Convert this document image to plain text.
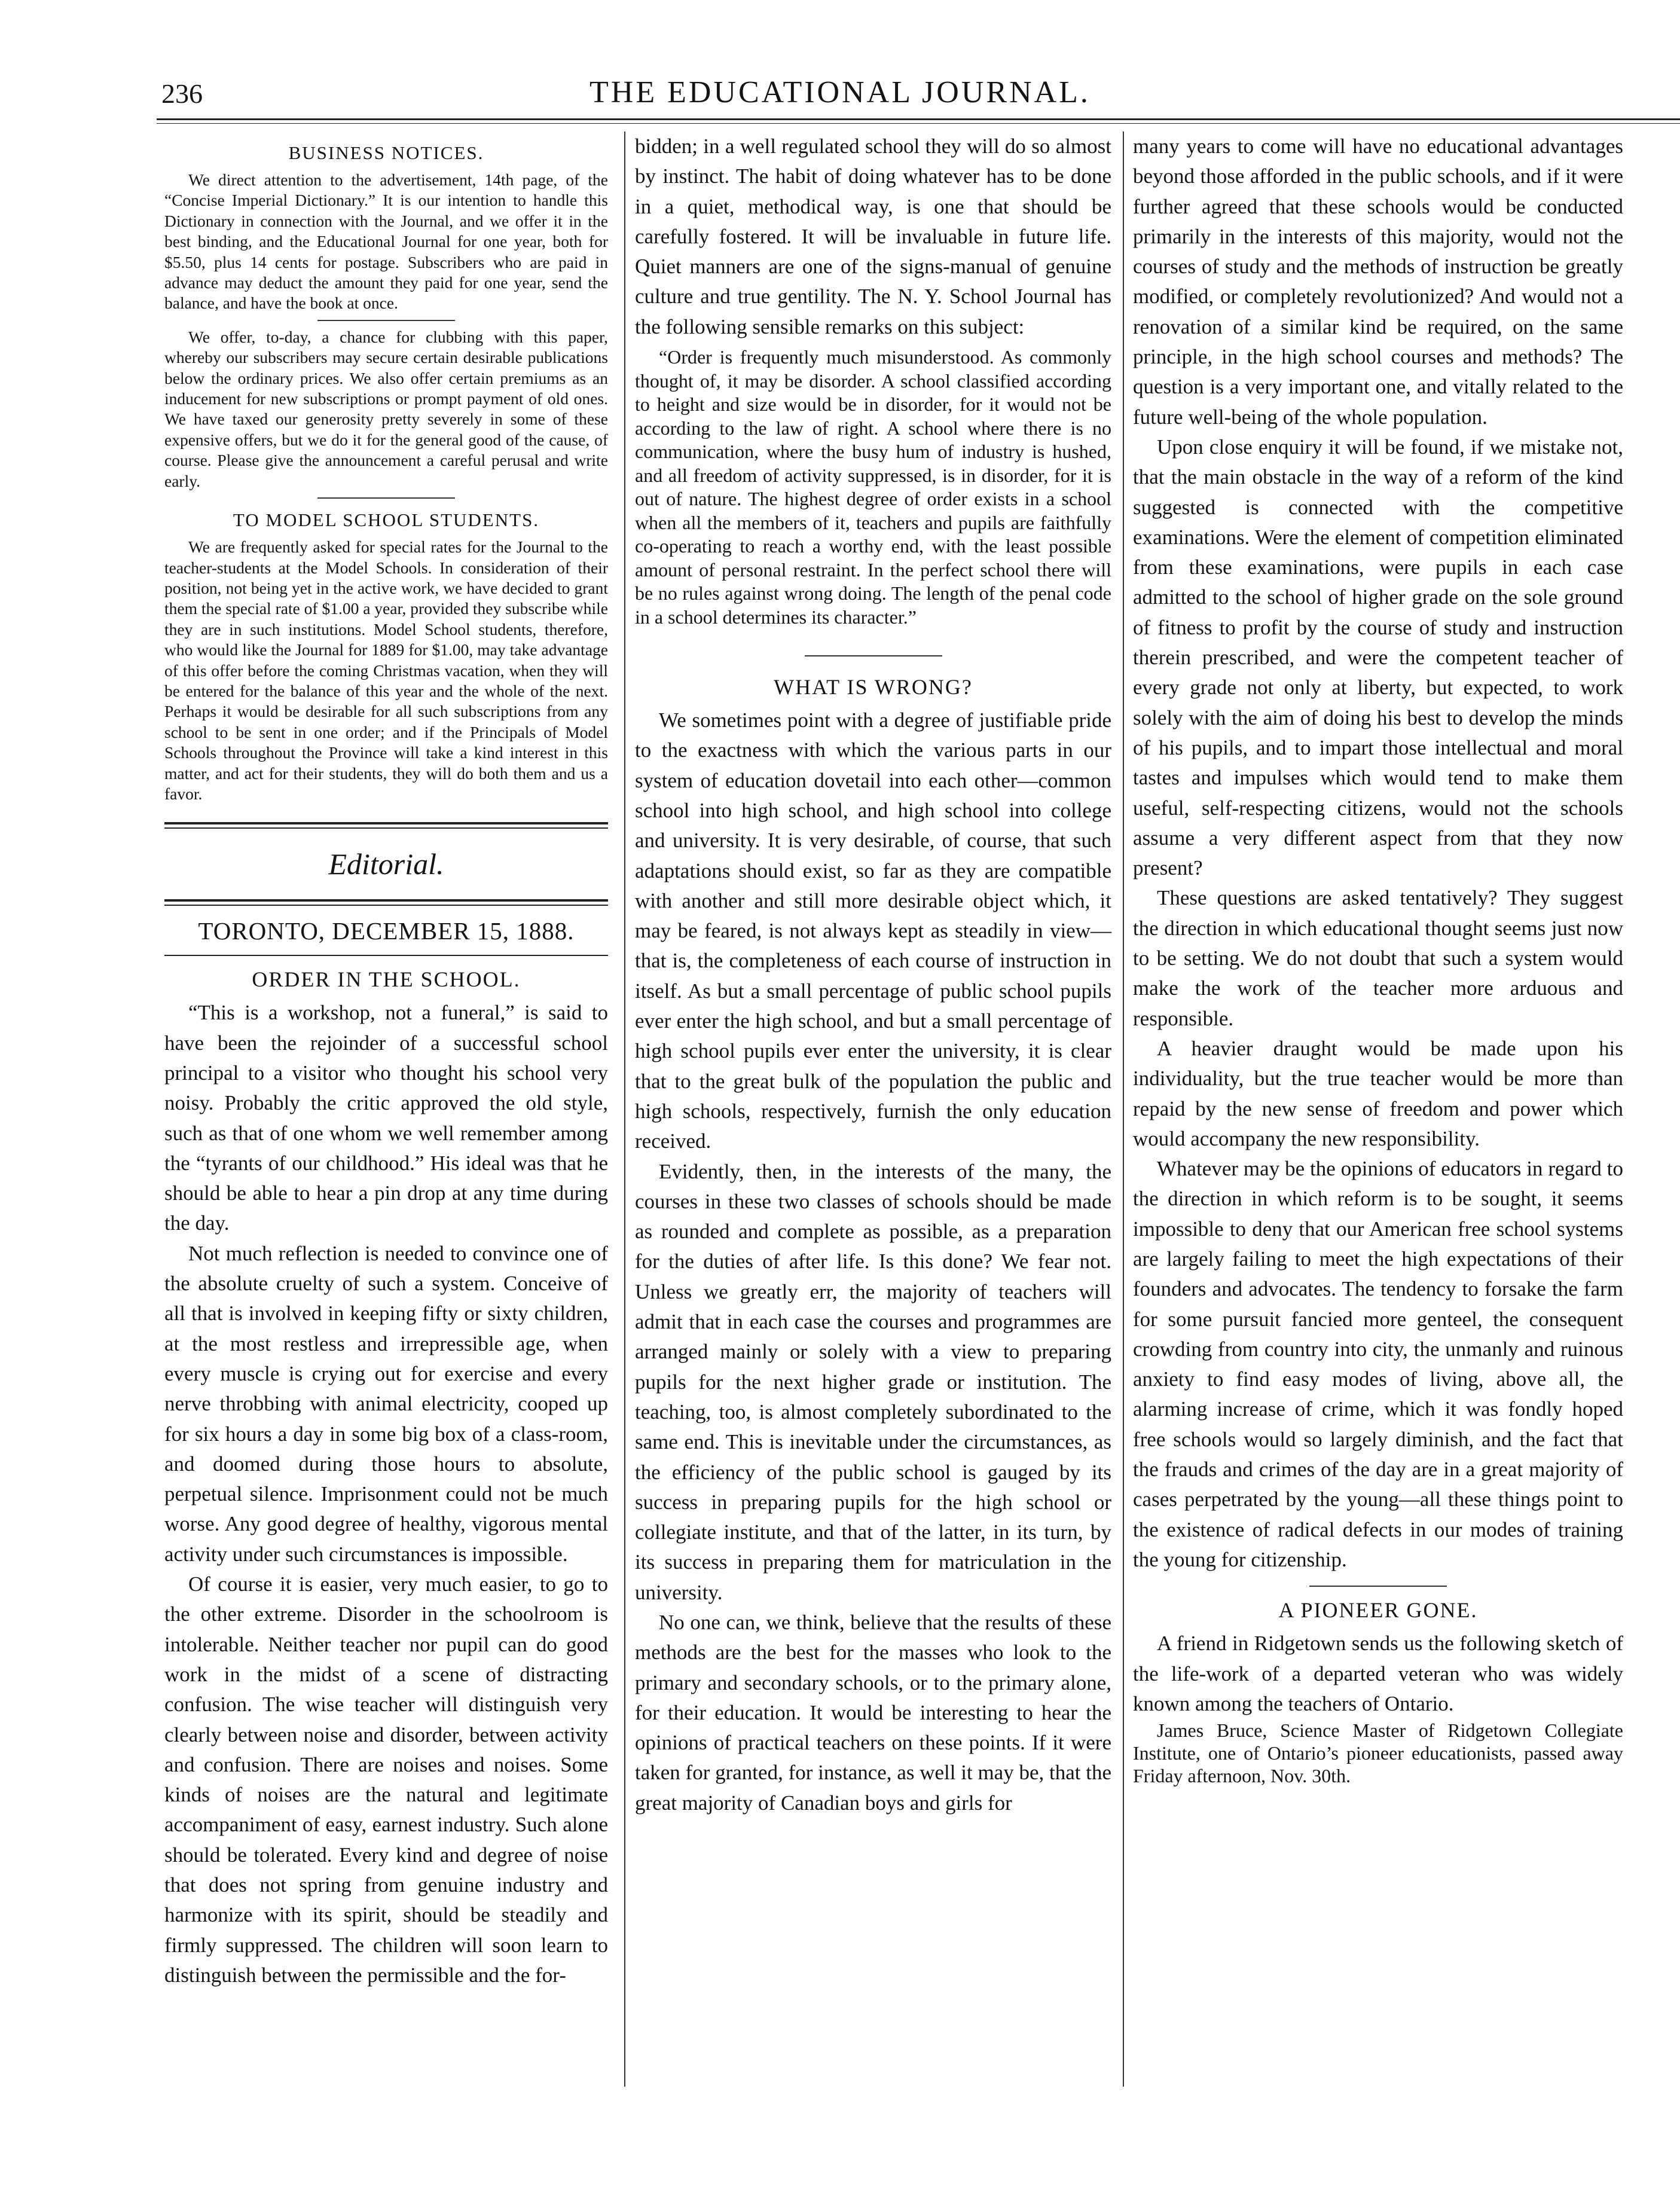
236	THE EDUCATIONAL JOURNAL.
BUSINESS NOTICES.

We direct attention to the advertisement, 14th page, of the “Concise Imperial Dictionary.” It is our intention to handle this Dictionary in connection with the Journal, and we offer it in the best binding, and the Educational Journal for one year, both for $5.50, plus 14 cents for postage. Subscribers who are paid in advance may deduct the amount they paid for one year, send the balance, and have the book at once.

We offer, to-day, a chance for clubbing with this paper, whereby our subscribers may secure certain desirable publications below the ordinary prices. We also offer certain premiums as an inducement for new subscriptions or prompt payment of old ones. We have taxed our generosity pretty severely in some of these expensive offers, but we do it for the general good of the cause, of course. Please give the announcement a careful perusal and write early.

TO MODEL SCHOOL STUDENTS.

We are frequently asked for special rates for the Journal to the teacher-students at the Model Schools. In consideration of their position, not being yet in the active work, we have decided to grant them the special rate of $1.00 a year, provided they subscribe while they are in such institutions. Model School students, therefore, who would like the Journal for 1889 for $1.00, may take advantage of this offer before the coming Christmas vacation, when they will be entered for the balance of this year and the whole of the next. Perhaps it would be desirable for all such subscriptions from any school to be sent in one order; and if the Principals of Model Schools throughout the Province will take a kind interest in this matter, and act for their students, they will do both them and us a favor.

Editorial.
TORONTO, DECEMBER 15, 1888.
ORDER IN THE SCHOOL.

“This is a workshop, not a funeral,” is said to have been the rejoinder of a successful school principal to a visitor who thought his school very noisy. Probably the critic approved the old style, such as that of one whom we well remember among the “tyrants of our childhood.” His ideal was that he should be able to hear a pin drop at any time during the day.

Not much reflection is needed to convince one of the absolute cruelty of such a system. Conceive of all that is involved in keeping fifty or sixty children, at the most restless and irrepressible age, when every muscle is crying out for exercise and every nerve throbbing with animal electricity, cooped up for six hours a day in some big box of a class-room, and doomed during those hours to absolute, perpetual silence. Imprisonment could not be much worse. Any good degree of healthy, vigorous mental activity under such circumstances is impossible.

Of course it is easier, very much easier, to go to the other extreme. Disorder in the schoolroom is intolerable. Neither teacher nor pupil can do good work in the midst of a scene of distracting confusion. The wise teacher will distinguish very clearly between noise and disorder, between activity and confusion. There are noises and noises. Some kinds of noises are the natural and legitimate accompaniment of easy, earnest industry. Such alone should be tolerated. Every kind and degree of noise that does not spring from genuine industry and harmonize with its spirit, should be steadily and firmly suppressed. The children will soon learn to distinguish between the permissible and the for-

bidden; in a well regulated school they will do so almost by instinct. The habit of doing whatever has to be done in a quiet, methodical way, is one that should be carefully fostered. It will be invaluable in future life. Quiet manners are one of the signs-manual of genuine culture and true gentility. The N. Y. School Journal has the following sensible remarks on this subject:

“Order is frequently much misunderstood. As commonly thought of, it may be disorder. A school classified according to height and size would be in disorder, for it would not be according to the law of right. A school where there is no communication, where the busy hum of industry is hushed, and all freedom of activity suppressed, is in disorder, for it is out of nature. The highest degree of order exists in a school when all the members of it, teachers and pupils are faithfully co-operating to reach a worthy end, with the least possible amount of personal restraint. In the perfect school there will be no rules against wrong doing. The length of the penal code in a school determines its character.”

WHAT IS WRONG?

We sometimes point with a degree of justifiable pride to the exactness with which the various parts in our system of education dovetail into each other—common school into high school, and high school into college and university. It is very desirable, of course, that such adaptations should exist, so far as they are compatible with another and still more desirable object which, it may be feared, is not always kept as steadily in view—that is, the completeness of each course of instruction in itself. As but a small percentage of public school pupils ever enter the high school, and but a small percentage of high school pupils ever enter the university, it is clear that to the great bulk of the population the public and high schools, respectively, furnish the only education received.

Evidently, then, in the interests of the many, the courses in these two classes of schools should be made as rounded and complete as possible, as a preparation for the duties of after life. Is this done? We fear not. Unless we greatly err, the majority of teachers will admit that in each case the courses and programmes are arranged mainly or solely with a view to preparing pupils for the next higher grade or institution. The teaching, too, is almost completely subordinated to the same end. This is inevitable under the circumstances, as the efficiency of the public school is gauged by its success in preparing pupils for the high school or collegiate institute, and that of the latter, in its turn, by its success in preparing them for matriculation in the university.

No one can, we think, believe that the results of these methods are the best for the masses who look to the primary and secondary schools, or to the primary alone, for their education. It would be interesting to hear the opinions of practical teachers on these points. If it were taken for granted, for instance, as well it may be, that the great majority of Canadian boys and girls for

many years to come will have no educational advantages beyond those afforded in the public schools, and if it were further agreed that these schools would be conducted primarily in the interests of this majority, would not the courses of study and the methods of instruction be greatly modified, or completely revolutionized? And would not a renovation of a similar kind be required, on the same principle, in the high school courses and methods? The question is a very important one, and vitally related to the future well-being of the whole population.

Upon close enquiry it will be found, if we mistake not, that the main obstacle in the way of a reform of the kind suggested is connected with the competitive examinations. Were the element of competition eliminated from these examinations, were pupils in each case admitted to the school of higher grade on the sole ground of fitness to profit by the course of study and instruction therein prescribed, and were the competent teacher of every grade not only at liberty, but expected, to work solely with the aim of doing his best to develop the minds of his pupils, and to impart those intellectual and moral tastes and impulses which would tend to make them useful, self-respecting citizens, would not the schools assume a very different aspect from that they now present?

These questions are asked tentatively? They suggest the direction in which educational thought seems just now to be setting. We do not doubt that such a system would make the work of the teacher more arduous and responsible.

A heavier draught would be made upon his individuality, but the true teacher would be more than repaid by the new sense of freedom and power which would accompany the new responsibility.

Whatever may be the opinions of educators in regard to the direction in which reform is to be sought, it seems impossible to deny that our American free school systems are largely failing to meet the high expectations of their founders and advocates. The tendency to forsake the farm for some pursuit fancied more genteel, the consequent crowding from country into city, the unmanly and ruinous anxiety to find easy modes of living, above all, the alarming increase of crime, which it was fondly hoped free schools would so largely diminish, and the fact that the frauds and crimes of the day are in a great majority of cases perpetrated by the young—all these things point to the existence of radical defects in our modes of training the young for citizenship.

A PIONEER GONE.

A friend in Ridgetown sends us the following sketch of the life-work of a departed veteran who was widely known among the teachers of Ontario.

James Bruce, Science Master of Ridgetown Collegiate Institute, one of Ontario’s pioneer educationists, passed away Friday afternoon, Nov. 30th.
